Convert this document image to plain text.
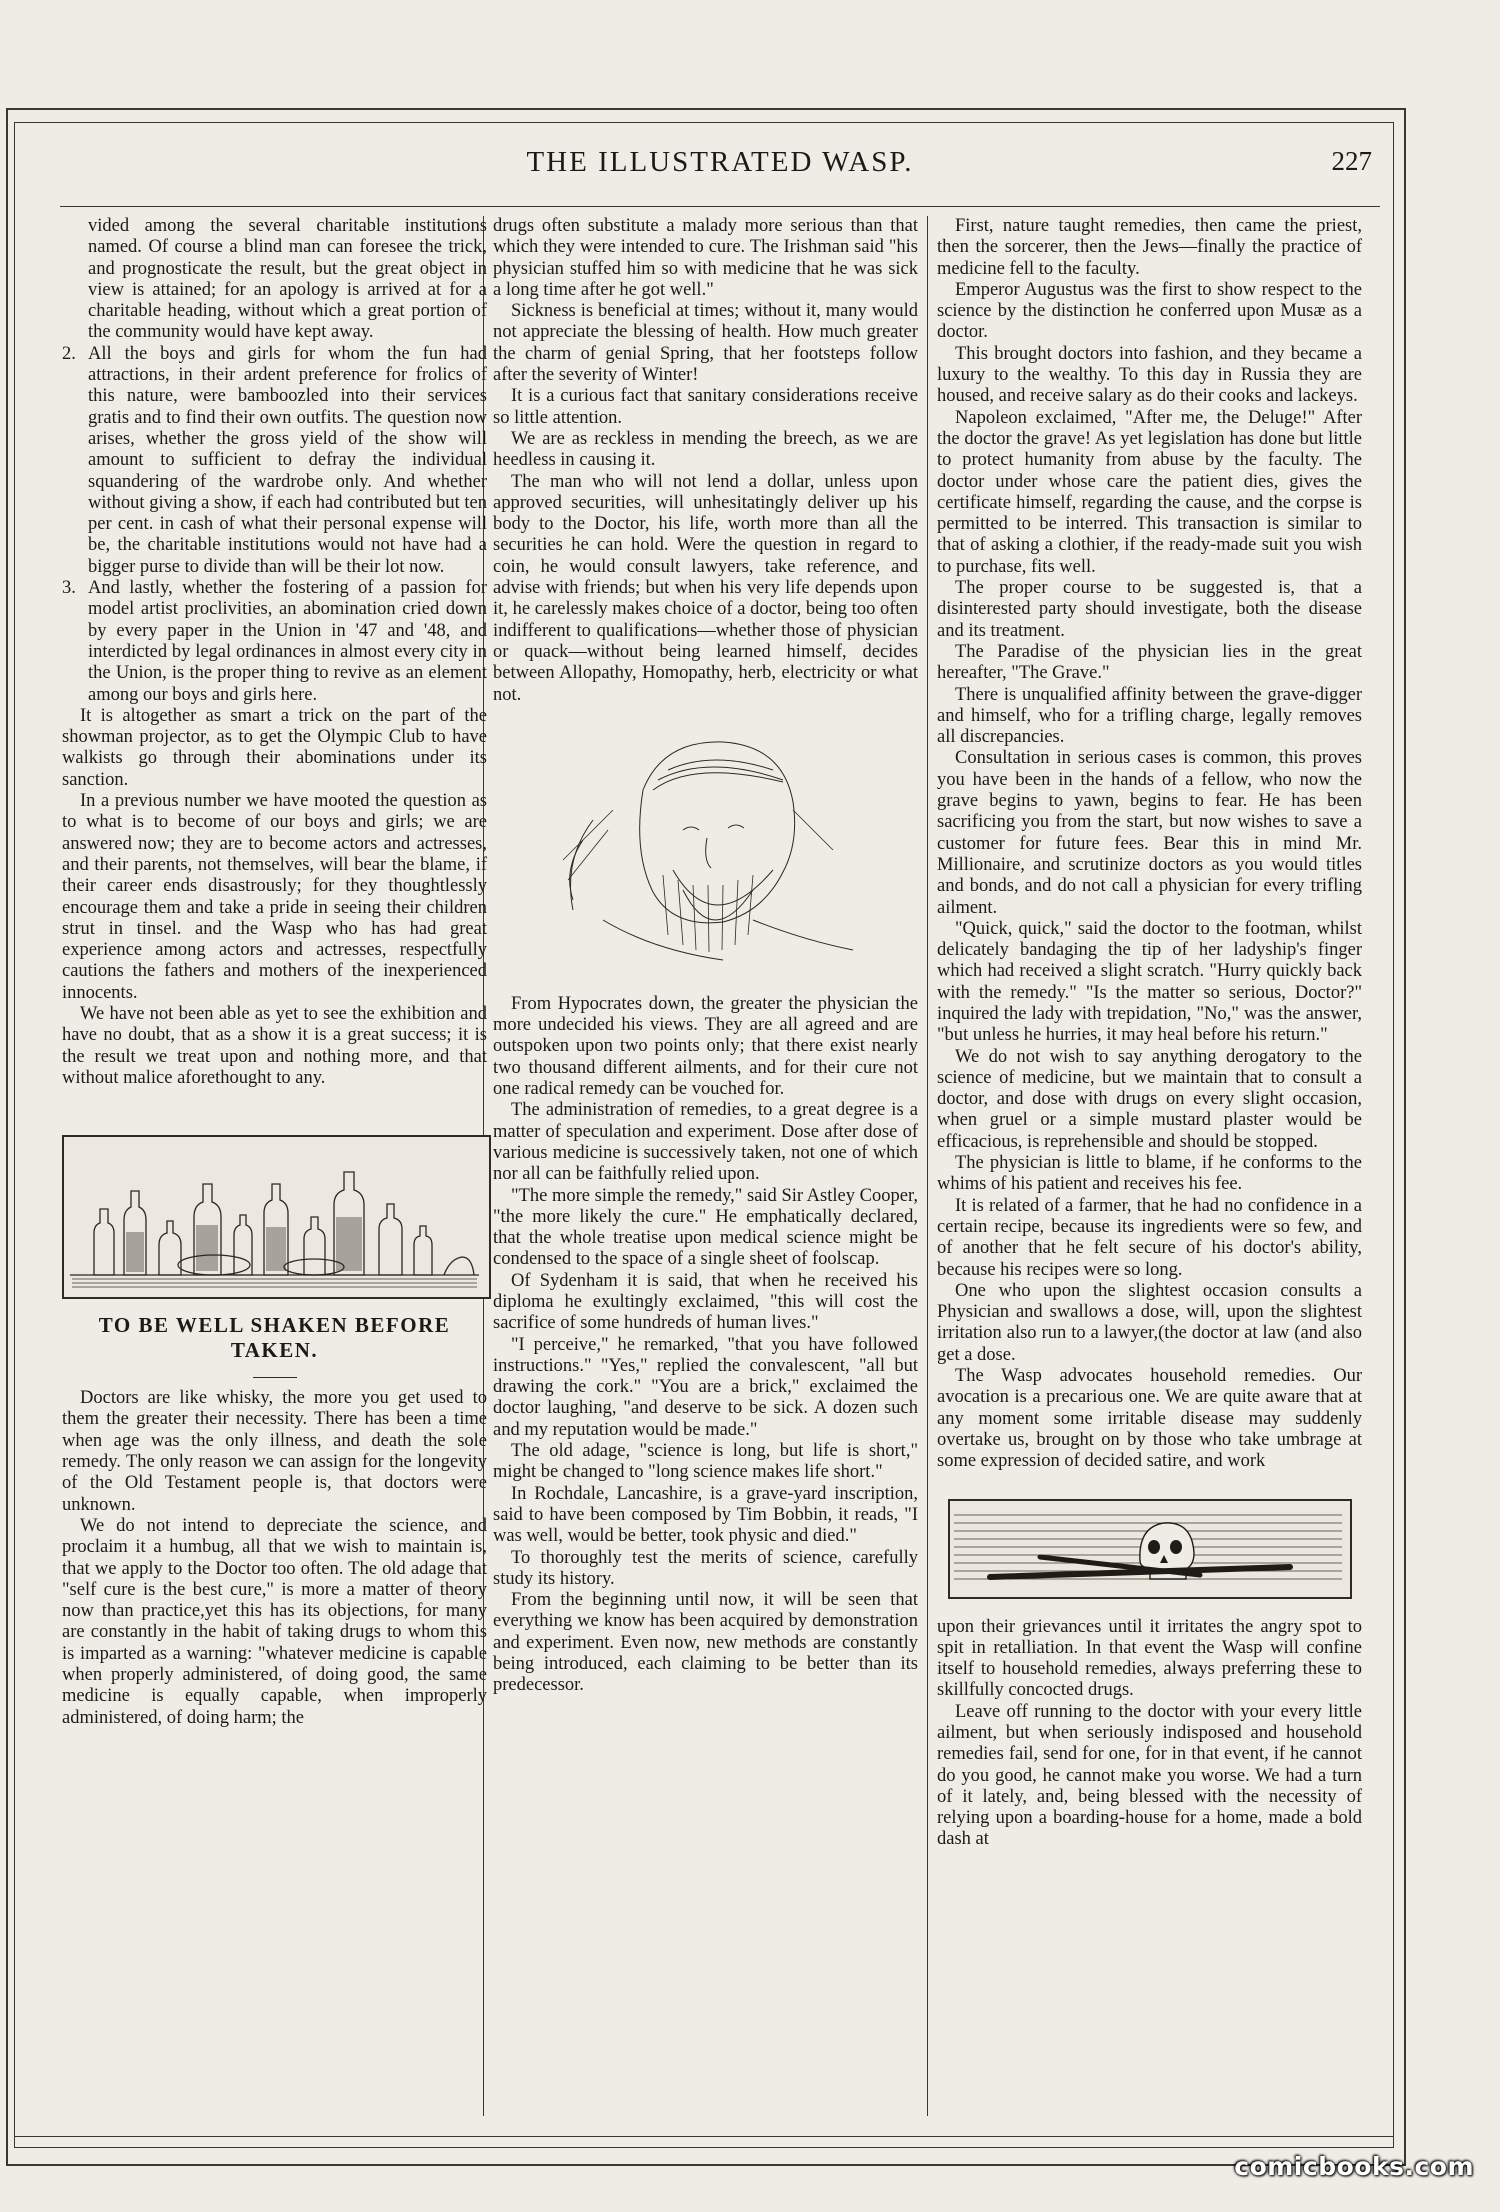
THE ILLUSTRATED WASP.	227

vided among the several charitable institutions named. Of course a blind man can foresee the trick, and prognosticate the result, but the great object in view is attained; for an apology is arrived at for a charitable heading, without which a great portion of the community would have kept away.

2. All the boys and girls for whom the fun had attractions, in their ardent preference for frolics of this nature, were bamboozled into their services gratis and to find their own outfits. The question now arises, whether the gross yield of the show will amount to sufficient to defray the individual squandering of the wardrobe only. And whether without giving a show, if each had contributed but ten per cent. in cash of what their personal expense will be, the charitable institutions would not have had a bigger purse to divide than will be their lot now.

3. And lastly, whether the fostering of a passion for model artist proclivities, an abomination cried down by every paper in the Union in '47 and '48, and interdicted by legal ordinances in almost every city in the Union, is the proper thing to revive as an element among our boys and girls here.

It is altogether as smart a trick on the part of the showman projector, as to get the Olympic Club to have walkists go through their abominations under its sanction.

In a previous number we have mooted the question as to what is to become of our boys and girls; we are answered now; they are to become actors and actresses, and their parents, not themselves, will bear the blame, if their career ends disastrously; for they thoughtlessly encourage them and take a pride in seeing their children strut in tinsel. and the Wasp who has had great experience among actors and actresses, respectfully cautions the fathers and mothers of the inexperienced innocents.

We have not been able as yet to see the exhibition and have no doubt, that as a show it is a great success; it is the result we treat upon and nothing more, and that without malice aforethought to any.

TO BE WELL SHAKEN BEFORE TAKEN.

Doctors are like whisky, the more you get used to them the greater their necessity. There has been a time when age was the only illness, and death the sole remedy. The only reason we can assign for the longevity of the Old Testament people is, that doctors were unknown.

We do not intend to depreciate the science, and proclaim it a humbug, all that we wish to maintain is, that we apply to the Doctor too often. The old adage that "self cure is the best cure," is more a matter of theory now than practice,yet this has its objections, for many are constantly in the habit of taking drugs to whom this is imparted as a warning: "whatever medicine is capable when properly administered, of doing good, the same medicine is equally capable, when improperly administered, of doing harm; the

drugs often substitute a malady more serious than that which they were intended to cure. The Irishman said "his physician stuffed him so with medicine that he was sick a long time after he got well."

Sickness is beneficial at times; without it, many would not appreciate the blessing of health. How much greater the charm of genial Spring, that her footsteps follow after the severity of Winter!

It is a curious fact that sanitary considerations receive so little attention.

We are as reckless in mending the breech, as we are heedless in causing it.

The man who will not lend a dollar, unless upon approved securities, will unhesitatingly deliver up his body to the Doctor, his life, worth more than all the securities he can hold. Were the question in regard to coin, he would consult lawyers, take reference, and advise with friends; but when his very life depends upon it, he carelessly makes choice of a doctor, being too often indifferent to qualifications—whether those of physician or quack—without being learned himself, decides between Allopathy, Homopathy, herb, electricity or what not.

From Hypocrates down, the greater the physician the more undecided his views. They are all agreed and are outspoken upon two points only; that there exist nearly two thousand different ailments, and for their cure not one radical remedy can be vouched for.

The administration of remedies, to a great degree is a matter of speculation and experiment. Dose after dose of various medicine is successively taken, not one of which nor all can be faithfully relied upon.

"The more simple the remedy," said Sir Astley Cooper, "the more likely the cure." He emphatically declared, that the whole treatise upon medical science might be condensed to the space of a single sheet of foolscap.

Of Sydenham it is said, that when he received his diploma he exultingly exclaimed, "this will cost the sacrifice of some hundreds of human lives."

"I perceive," he remarked, "that you have followed instructions." "Yes," replied the convalescent, "all but drawing the cork." "You are a brick," exclaimed the doctor laughing, "and deserve to be sick. A dozen such and my reputation would be made."

The old adage, "science is long, but life is short," might be changed to "long science makes life short."

In Rochdale, Lancashire, is a grave-yard inscription, said to have been composed by Tim Bobbin, it reads, "I was well, would be better, took physic and died."

To thoroughly test the merits of science, carefully study its history.

From the beginning until now, it will be seen that everything we know has been acquired by demonstration and experiment. Even now, new methods are constantly being introduced, each claiming to be better than its predecessor.

First, nature taught remedies, then came the priest, then the sorcerer, then the Jews—finally the practice of medicine fell to the faculty.

Emperor Augustus was the first to show respect to the science by the distinction he conferred upon Musæ as a doctor.

This brought doctors into fashion, and they became a luxury to the wealthy. To this day in Russia they are housed, and receive salary as do their cooks and lackeys.

Napoleon exclaimed, "After me, the Deluge!" After the doctor the grave! As yet legislation has done but little to protect humanity from abuse by the faculty. The doctor under whose care the patient dies, gives the certificate himself, regarding the cause, and the corpse is permitted to be interred. This transaction is similar to that of asking a clothier, if the ready-made suit you wish to purchase, fits well.

The proper course to be suggested is, that a disinterested party should investigate, both the disease and its treatment.

The Paradise of the physician lies in the great hereafter, "The Grave."

There is unqualified affinity between the grave-digger and himself, who for a trifling charge, legally removes all discrepancies.

Consultation in serious cases is common, this proves you have been in the hands of a fellow, who now the grave begins to yawn, begins to fear. He has been sacrificing you from the start, but now wishes to save a customer for future fees. Bear this in mind Mr. Millionaire, and scrutinize doctors as you would titles and bonds, and do not call a physician for every trifling ailment.

"Quick, quick," said the doctor to the footman, whilst delicately bandaging the tip of her ladyship's finger which had received a slight scratch. "Hurry quickly back with the remedy." "Is the matter so serious, Doctor?" inquired the lady with trepidation, "No," was the answer, "but unless he hurries, it may heal before his return."

We do not wish to say anything derogatory to the science of medicine, but we maintain that to consult a doctor, and dose with drugs on every slight occasion, when gruel or a simple mustard plaster would be efficacious, is reprehensible and should be stopped.

The physician is little to blame, if he conforms to the whims of his patient and receives his fee.

It is related of a farmer, that he had no confidence in a certain recipe, because its ingredients were so few, and of another that he felt secure of his doctor's ability, because his recipes were so long.

One who upon the slightest occasion consults a Physician and swallows a dose, will, upon the slightest irritation also run to a lawyer,(the doctor at law (and also get a dose.

The Wasp advocates household remedies. Our avocation is a precarious one. We are quite aware that at any moment some irritable disease may suddenly overtake us, brought on by those who take umbrage at some expression of decided satire, and work

upon their grievances until it irritates the angry spot to spit in retalliation. In that event the Wasp will confine itself to household remedies, always preferring these to skillfully concocted drugs.

Leave off running to the doctor with your every little ailment, but when seriously indisposed and household remedies fail, send for one, for in that event, if he cannot do you good, he cannot make you worse. We had a turn of it lately, and, being blessed with the necessity of relying upon a boarding-house for a home, made a bold dash at

comicbooks.com
